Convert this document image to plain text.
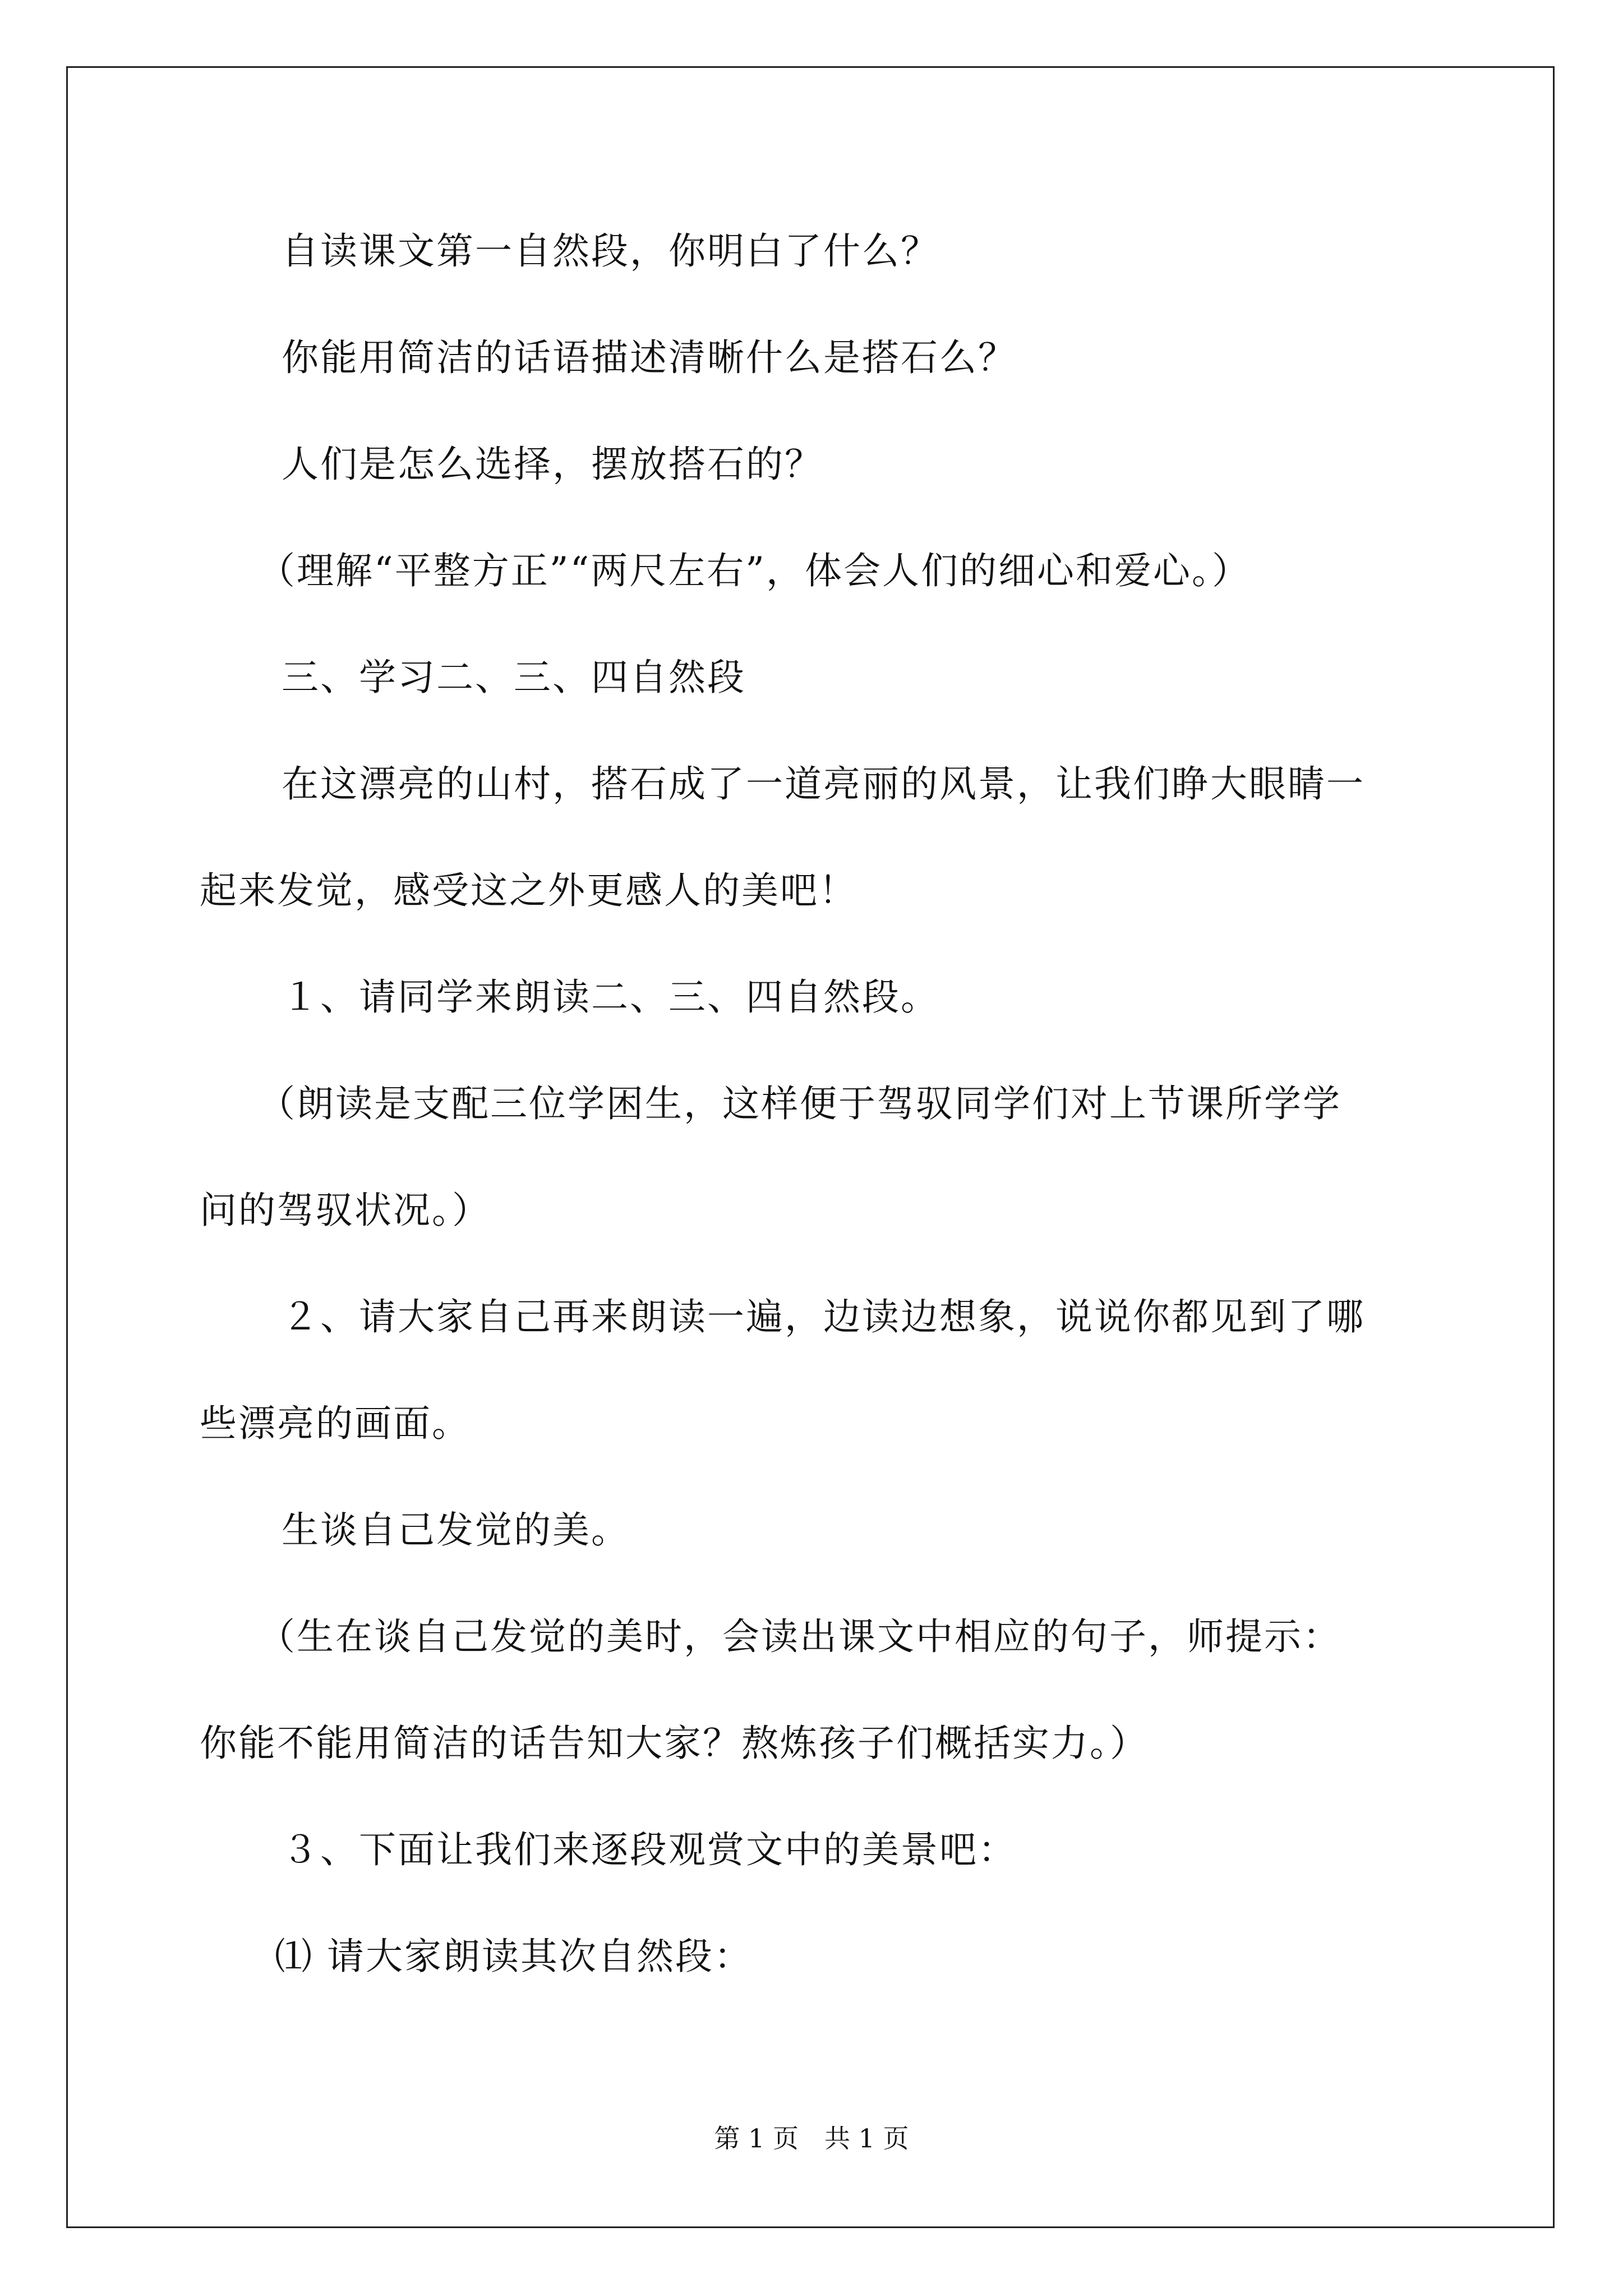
自读课文第一自然段，你明白了什么？
你能用简洁的话语描述清晰什么是搭石么？
人们是怎么选择，摆放搭石的？
（理解“平整方正”“两尺左右”，体会人们的细心和爱心。）
三、学习二、三、四自然段
在这漂亮的山村，搭石成了一道亮丽的风景，让我们睁大眼睛一
起来发觉，感受这之外更感人的美吧！
１、请同学来朗读二、三、四自然段。
（朗读是支配三位学困生，这样便于驾驭同学们对上节课所学学
问的驾驭状况。）
２、请大家自己再来朗读一遍，边读边想象，说说你都见到了哪
些漂亮的画面。
生谈自己发觉的美。
（生在谈自己发觉的美时，会读出课文中相应的句子，师提示：
你能不能用简洁的话告知大家？熬炼孩子们概括实力。）
３、下面让我们来逐段观赏文中的美景吧：
⑴ 请大家朗读其次自然段：
第 1 页　共 1 页
